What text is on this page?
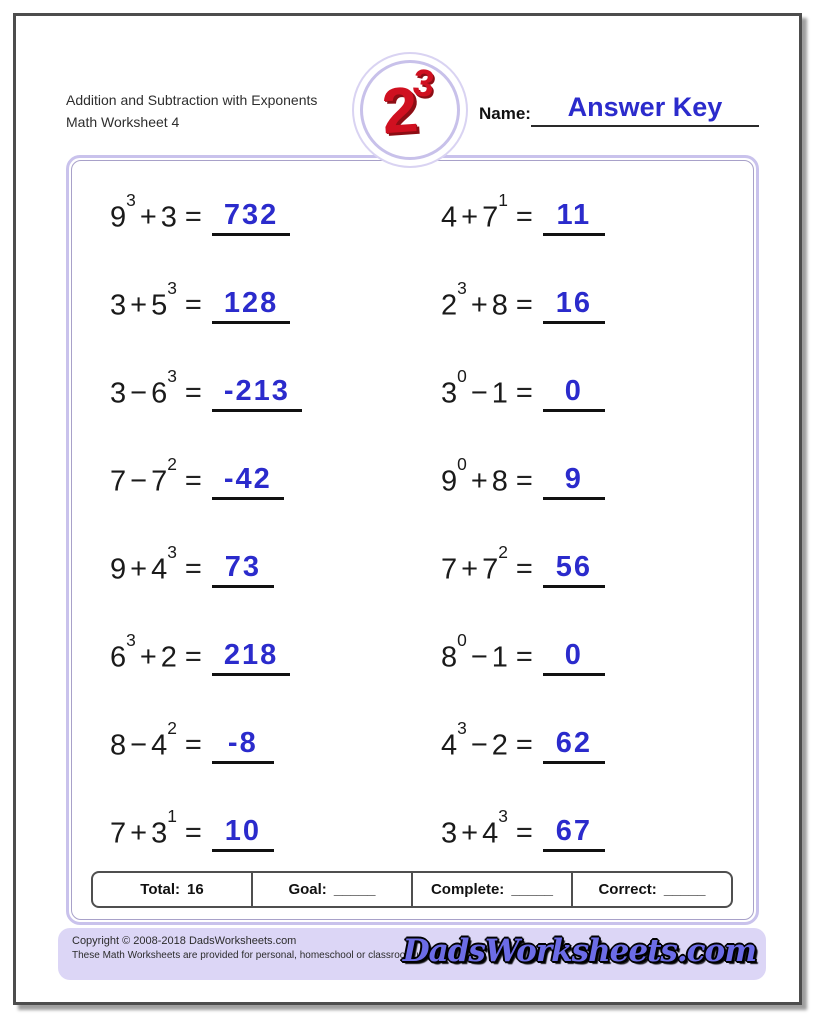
Addition and Subtraction with Exponents
Math Worksheet 4	2
3
Name:	Answer Key
$9^3+ 3 = 732$
$3 + 5^3= 128$
$3 - 6^3= -213$
$7 - 7^2= -42$
$9 + 4^3= 73$
$6^3+ 2 = 218$
$8 - 4^2= -8$
$7 + 3^1= 10$
$4 + 7^1= 11$
$2^3+ 8 = 16$
$3^0- 1$ =	0
$9^0+ 8$ =	9
$7 + 7^2= 56$
$8^0- 1$ =	0
$4^3- 2 = 62$
$3 + 4^3= 67$
Total: 16	Goal: _____	Complete: _____	Correct: _____
Copyright © 2008-2018 DadsWorksheets.com
These Math Worksheets are provided for personal, homeschool or classroom use.
DadsWorksheets.com
